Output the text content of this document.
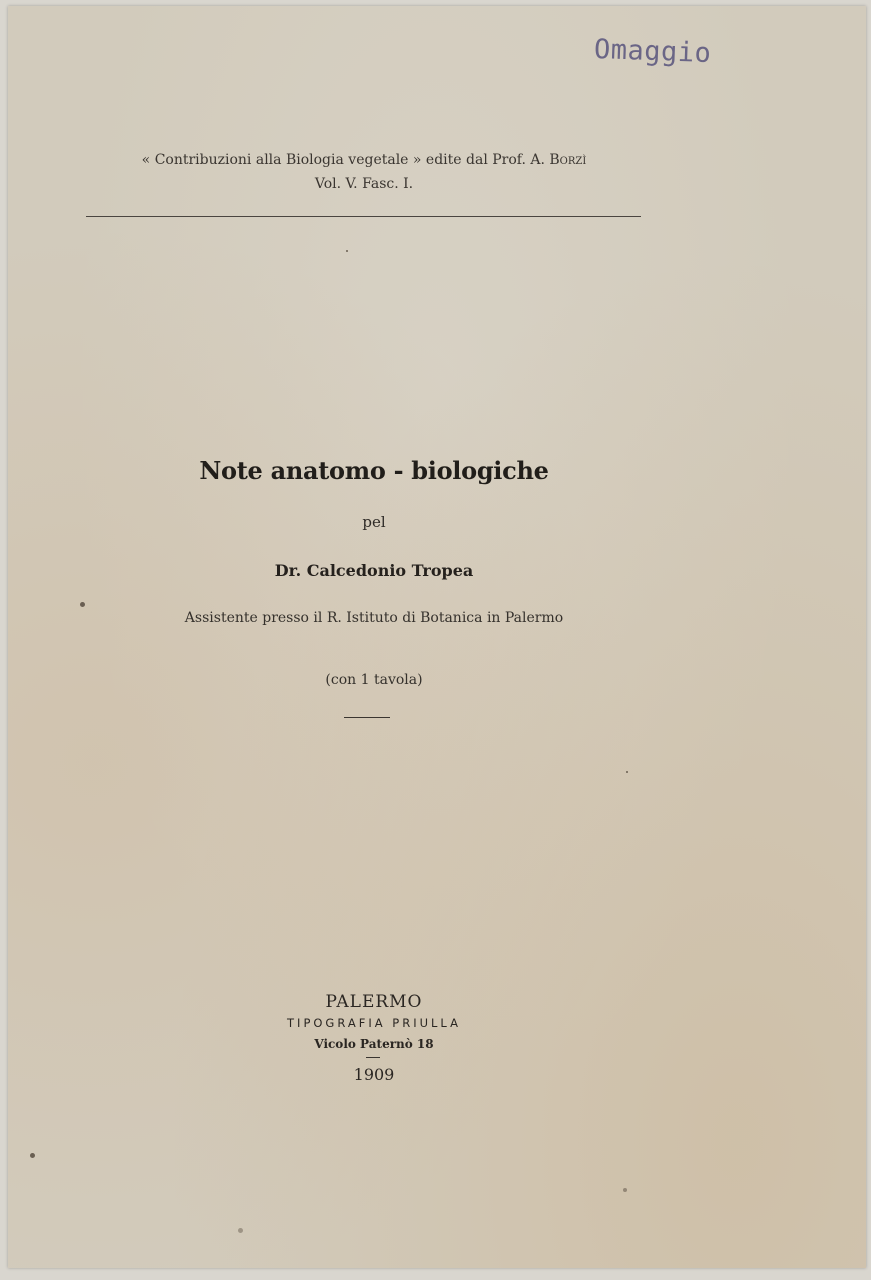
Omaggio
« Contribuzioni alla Biologia vegetale » edite dal Prof. A. Borzì
Vol. V. Fasc. I.
Note anatomo - biologiche
pel
Dr. Calcedonio Tropea
Assistente presso il R. Istituto di Botanica in Palermo
(con 1 tavola)
PALERMO
TIPOGRAFIA PRIULLA
Vicolo Paternò 18
1909
